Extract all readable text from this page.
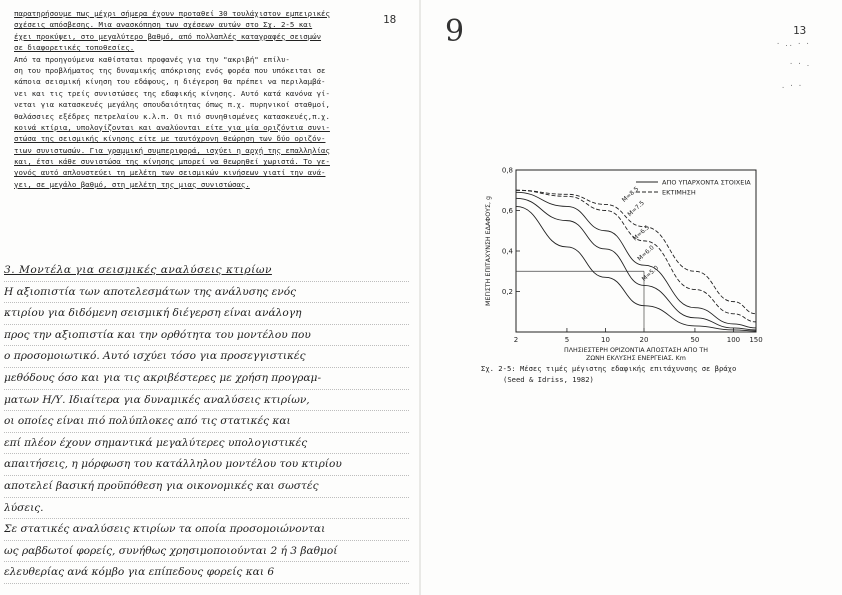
18
παρατηρήσουμε πως μέχρι σήμερα έχουν προταθεί 30 τουλάχιστον εμπειρικές
σχέσεις απόσβεσης. Μια ανασκόπηση των σχέσεων αυτών στο Σχ. 2-5 και
έχει προκύψει, στο μεγαλύτερο βαθμό, από πολλαπλές καταγραφές σεισμών
σε διαφορετικές τοποθεσίες.
Από τα προηγούμενα καθίσταται προφανές για την "ακριβή" επίλυ-
ση του προβλήματος της δυναμικής απόκρισης ενός φορέα που υπόκειται σε
κάποια σεισμική κίνηση του εδάφους, η διέγερση θα πρέπει να περιλαμβά-
νει και τις τρείς συνιστώσες της εδαφικής κίνησης. Αυτό κατά κανόνα γί-
νεται για κατασκευές μεγάλης σπουδαιότητας όπως π.χ. πυρηνικοί σταθμοί,
θαλάσσιες εξέδρες πετρελαίου κ.λ.π. Οι πιό συνηθισμένες κατασκευές,π.χ.
κοινά κτίρια, υπολογίζονται και αναλύονται είτε για μία οριζόντια συνι-
στώσα της σεισμικής κίνησης είτε με ταυτόχρονη θεώρηση των δύο οριζόν-
τιων συνιστωσών. Για γραμμική συμπεριφορά, ισχύει η αρχή της επαλληλίας
και, έτσι κάθε συνιστώσα της κίνησης μπορεί να θεωρηθεί χωριστά. Το γε-
γονός αυτό απλουστεύει τη μελέτη των σεισμικών κινήσεων γιατί την ανά-
γει, σε μεγάλο βαθμό, στη μελέτη της μιας συνιστώσας.
3. Μοντέλα για σεισμικές αναλύσεις κτιρίων
Η αξιοπιστία των αποτελεσμάτων της ανάλυσης ενός
κτιρίου για διδόμενη σεισμική διέγερση είναι ανάλογη
προς την αξιοπιστία και την ορθότητα του μοντέλου που
ο προσομοιωτικό. Αυτό ισχύει τόσο για προσεγγιστικές
μεθόδους όσο και για τις ακριβέστερες με χρήση προγραμ-
ματων Η/Υ. Ιδιαίτερα για δυναμικές αναλύσεις κτιρίων,
οι οποίες είναι πιό πολύπλοκες από τις στατικές και
επί πλέον έχουν σημαντικά μεγαλύτερες υπολογιστικές
απαιτήσεις, η μόρφωση του κατάλληλου μοντέλου του κτιρίου
αποτελεί βασική προϋπόθεση για οικονομικές και σωστές
λύσεις.
Σε στατικές αναλύσεις κτιρίων τα οποία προσομοιώνονται
ως ραβδωτοί φορείς, συνήθως χρησιμοποιούνται 2 ή 3 βαθμοί
ελευθερίας ανά κόμβο για επίπεδους φορείς και 6
9	13
· .. · ·
· · .
. · ·
2	5	10	20	50	100 150
0,2
0,4
0,6
0,8
M=8.5
M=7.5
M=6.5
M=6.0
M=5.0
ΑΠΟ ΥΠΑΡΧΟΝΤΑ ΣΤΟΙΧΕΙΑ
ΕΚΤΙΜΗΣΗ
ΜΕΓΙΣΤΗ ΕΠΙΤΑΧΥΝΣΗ ΕΔΑΦΟΥΣ, g
ΠΛΗΣΙΕΣΤΕΡΗ ΟΡΙΖΟΝΤΙΑ ΑΠΟΣΤΑΣΗ ΑΠΟ ΤΗ
ΖΩΝΗ ΕΚΛΥΣΗΣ ΕΝΕΡΓΕΙΑΣ, Km
Σχ. 2-5: Μέσες τιμές μέγιστης εδαφικής επιτάχυνσης σε βράχο
(Seed & Idriss, 1982)
